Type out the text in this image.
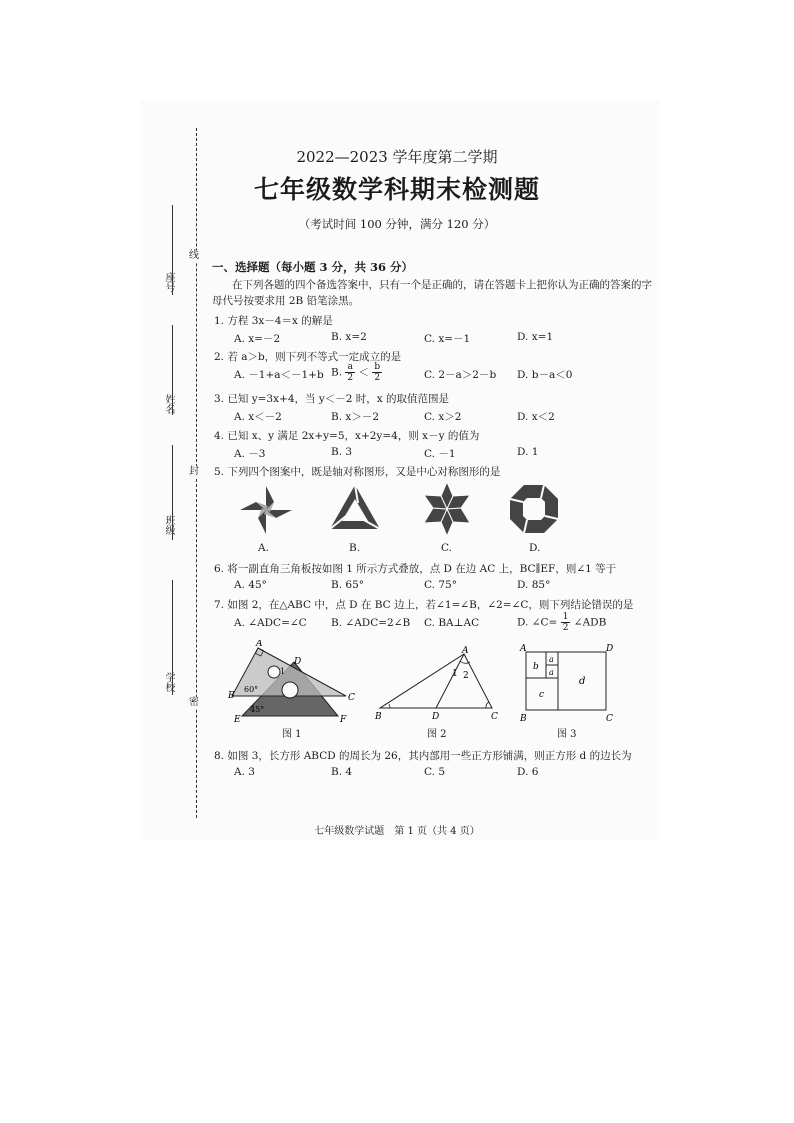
线
封
密
座号
姓名
班级
学校
2022—2023 学年度第二学期
七年级数学科期末检测题
（考试时间 100 分钟，满分 120 分）
一、选择题（每小题 3 分，共 36 分）
在下列各题的四个备选答案中，只有一个是正确的，请在答题卡上把你认为正确的答案的字
母代号按要求用 2B 铅笔涂黑。
1. 方程 3x－4＝x 的解是
A. x=－2	B. x=2	C. x=－1	D. x=1
2. 若 a＞b，则下列不等式一定成立的是
A. －1+a＜－1+b B. $\frac{a}{2} < \frac{b}{2}$	C. 2－a＞2－b D. b－a＜0
3. 已知 y=3x+4，当 y＜－2 时，x 的取值范围是
A. x＜－2	B. x＞－2	C. x＞2	D. x＜2
4. 已知 x、y 满足 2x+y=5，x+2y=4，则 x－y 的值为
A. －3	B. 3	C. －1	D. 1
5. 下列四个图案中，既是轴对称图形，又是中心对称图形的是
A.	B.	C.	D.
6. 将一副直角三角板按如图 1 所示方式叠放，点 D 在边 AC 上，BC∥EF，则∠1 等于
A. 45°	B. 65°	C. 75°	D. 85°
7. 如图 2，在△ABC 中，点 D 在 BC 边上，若∠1=∠B，∠2=∠C，则下列结论错误的是
A. ∠ADC=∠C B. ∠ADC=2∠B C. BA⊥AC	D. ∠C= $\frac{1}{2}$ ∠ADB
A
D
1
B
60°
C
E
45°
F
图 1
A
1 2
B	D	C
图 2
A	D
b
a
a
c
d
B	C
图 3
8. 如图 3，长方形 ABCD 的周长为 26，其内部用一些正方形铺满，则正方形 d 的边长为
A. 3	B. 4	C. 5	D. 6
七年级数学试题　第 1 页（共 4 页）
